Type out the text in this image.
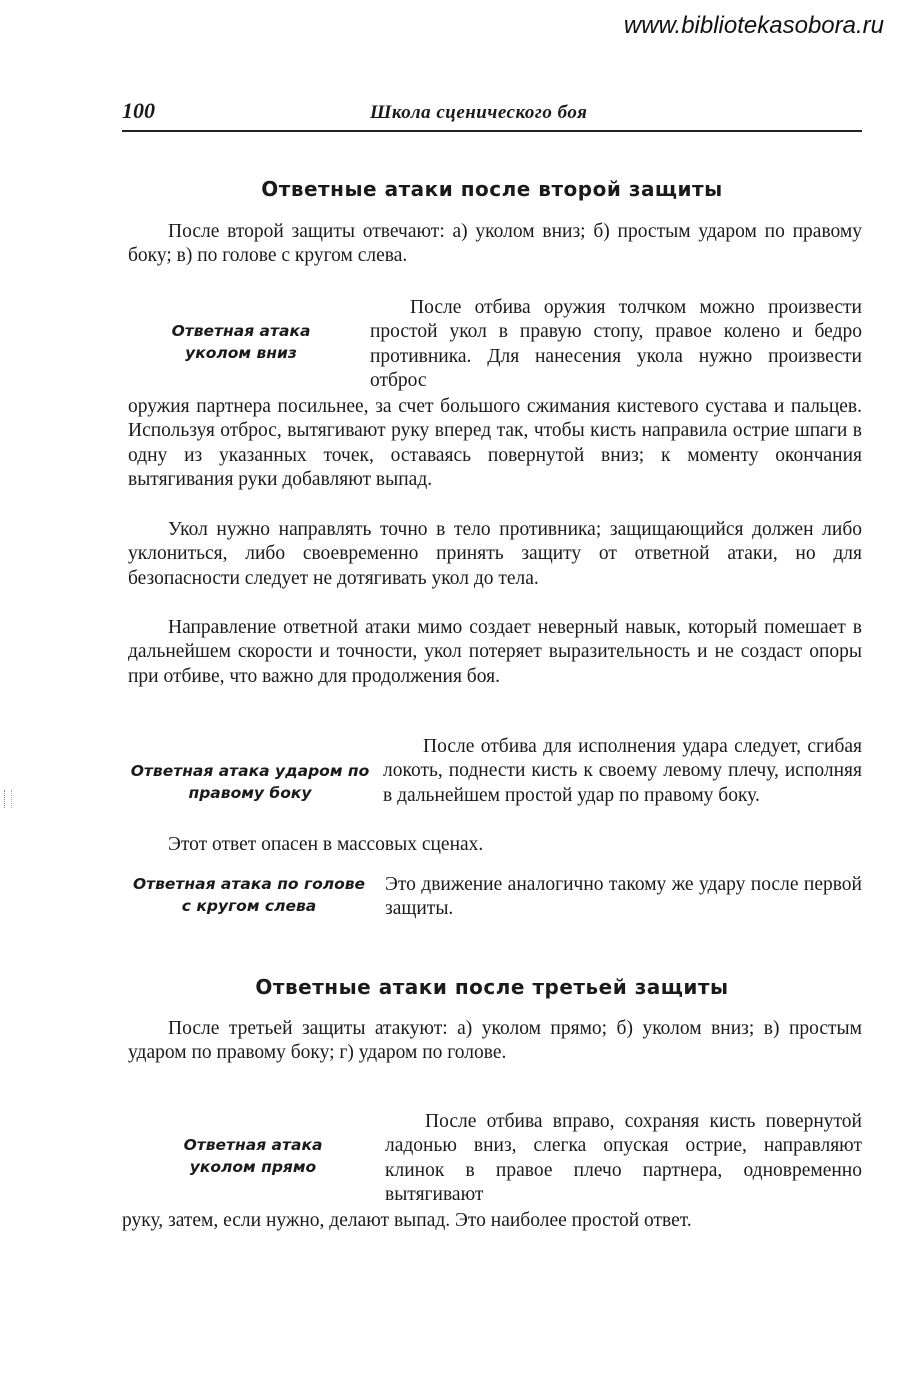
www.bibliotekasobora.ru
100	Школа сценического боя
Ответные атаки после второй защиты

После второй защиты отвечают: а) уколом вниз; б) простым ударом по правому боку; в) по голове с кругом слева.

Ответная атака уколом вниз

После отбива оружия толчком можно произвести простой укол в правую стопу, правое колено и бедро противника. Для нанесения укола нужно произвести отброс

оружия партнера посильнее, за счет большого сжимания кистевого сустава и пальцев. Используя отброс, вытягивают руку вперед так, чтобы кисть направила острие шпаги в одну из указанных точек, оставаясь повернутой вниз; к моменту окончания вытягивания руки добавляют выпад.

Укол нужно направлять точно в тело противника; защищающийся должен либо уклониться, либо своевременно принять защиту от ответной атаки, но для безопасности следует не дотягивать укол до тела.

Направление ответной атаки мимо создает неверный навык, который помешает в дальнейшем скорости и точности, укол потеряет выразительность и не создаст опоры при отбиве, что важно для продолжения боя.

Ответная атака ударом по правому боку

После отбива для исполнения удара следует, сгибая локоть, поднести кисть к своему левому плечу, исполняя в дальнейшем простой удар по правому боку.

Этот ответ опасен в массовых сценах.

Ответная атака по голове с кругом слева

Это движение аналогично такому же удару после первой защиты.

Ответные атаки после третьей защиты

После третьей защиты атакуют: а) уколом прямо; б) уколом вниз; в) простым ударом по правому боку; г) ударом по голове.

Ответная атака уколом прямо

После отбива вправо, сохраняя кисть повернутой ладонью вниз, слегка опуская острие, направляют клинок в правое плечо партнера, одновременно вытягивают

руку, затем, если нужно, делают выпад. Это наиболее простой ответ.
